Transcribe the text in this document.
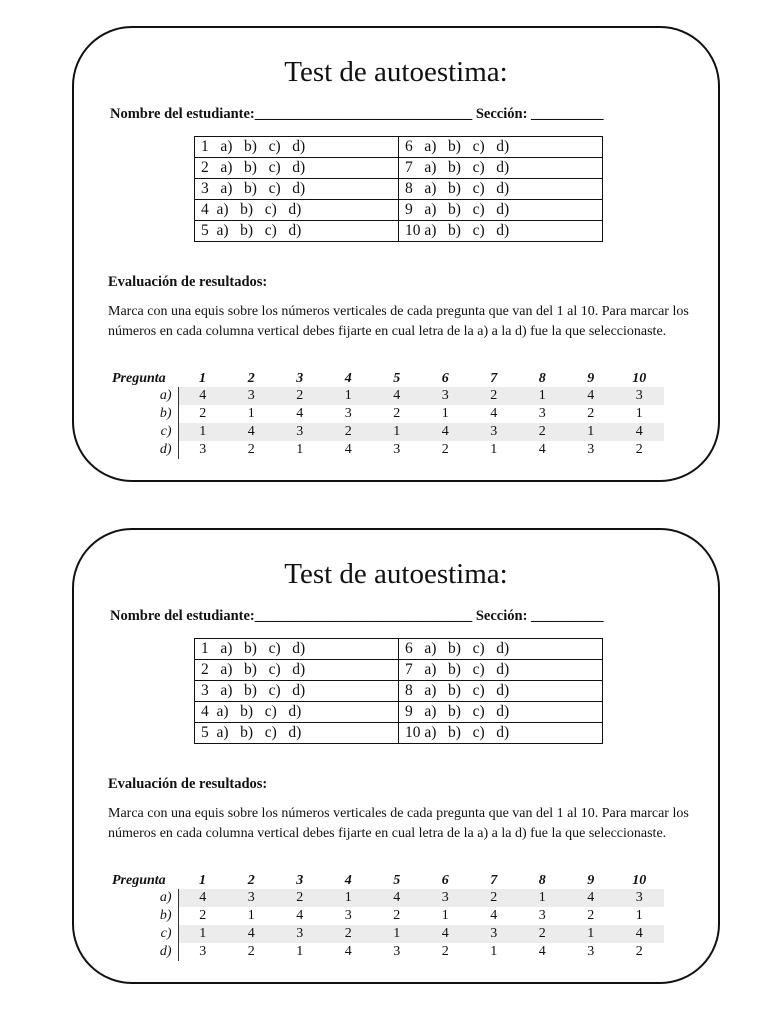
Test de autoestima:
Nombre del estudiante:______________________________ Sección: __________
1   a)   b)   c)   d)	6   a)   b)   c)   d)
2   a)   b)   c)   d)	7   a)   b)   c)   d)
3   a)   b)   c)   d)	8   a)   b)   c)   d)
4  a)   b)   c)   d)	9   a)   b)   c)   d)
5  a)   b)   c)   d)	10 a)   b)   c)   d)
Evaluación de resultados:
Marca con una equis sobre los números verticales de cada pregunta que van del 1 al 10. Para marcar los números en cada columna vertical debes fijarte en cual letra de la a) a la d) fue la que seleccionaste.
Pregunta	1	2	3	4	5	6	7	8	9	10
a)	4	3	2	1	4	3	2	1	4	3
b)	2	1	4	3	2	1	4	3	2	1
c)	1	4	3	2	1	4	3	2	1	4
d)	3	2	1	4	3	2	1	4	3	2
Test de autoestima:
Nombre del estudiante:______________________________ Sección: __________
1   a)   b)   c)   d)	6   a)   b)   c)   d)
2   a)   b)   c)   d)	7   a)   b)   c)   d)
3   a)   b)   c)   d)	8   a)   b)   c)   d)
4  a)   b)   c)   d)	9   a)   b)   c)   d)
5  a)   b)   c)   d)	10 a)   b)   c)   d)
Evaluación de resultados:
Marca con una equis sobre los números verticales de cada pregunta que van del 1 al 10. Para marcar los números en cada columna vertical debes fijarte en cual letra de la a) a la d) fue la que seleccionaste.
Pregunta	1	2	3	4	5	6	7	8	9	10
a)	4	3	2	1	4	3	2	1	4	3
b)	2	1	4	3	2	1	4	3	2	1
c)	1	4	3	2	1	4	3	2	1	4
d)	3	2	1	4	3	2	1	4	3	2
